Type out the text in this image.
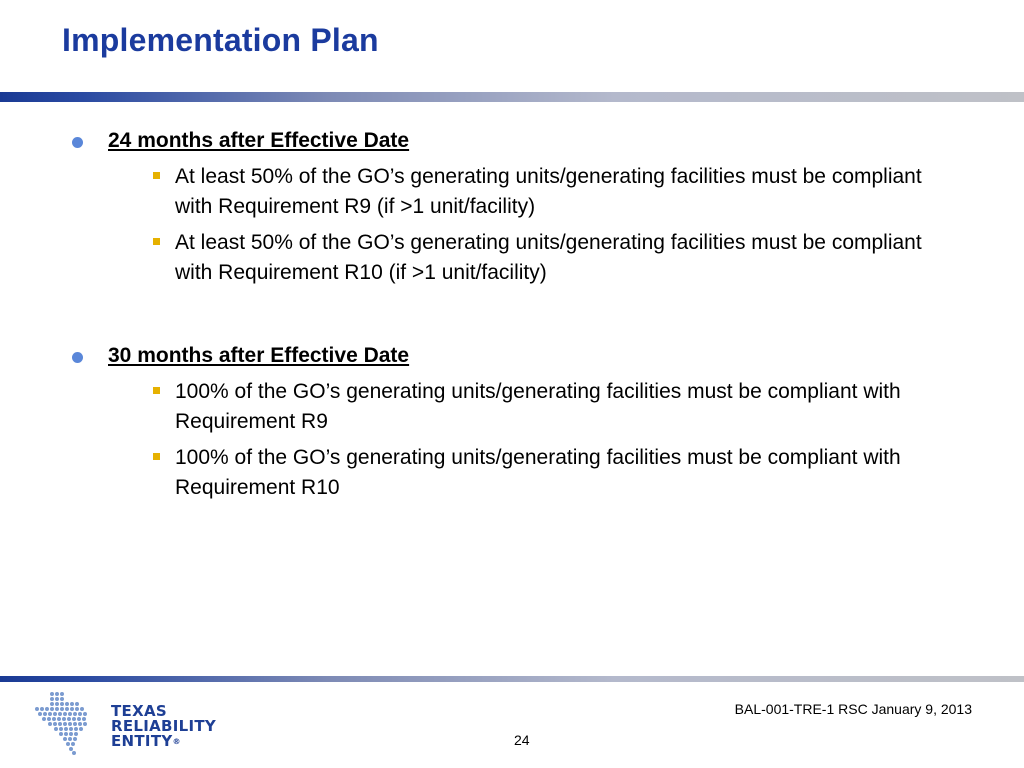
Implementation Plan
24 months after Effective Date
At least 50% of the GO’s generating units/generating facilities must be compliant with Requirement R9 (if >1 unit/facility)
At least 50% of the GO’s generating units/generating facilities must be compliant with Requirement R10 (if >1 unit/facility)
30 months after Effective Date
100% of the GO’s generating units/generating facilities must be compliant with Requirement R9
100% of the GO’s generating units/generating facilities must be compliant with Requirement R10
TEXAS
RELIABILITY
ENTITY®
BAL-001-TRE-1 RSC January 9, 2013
24
